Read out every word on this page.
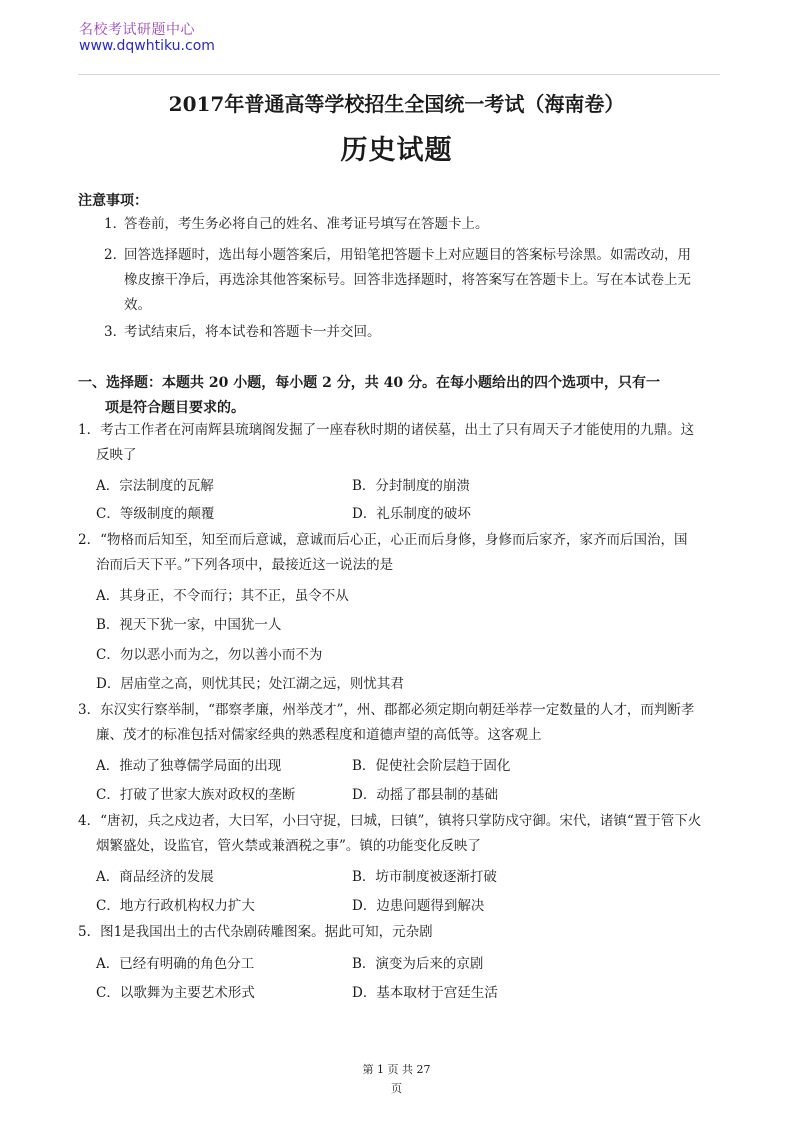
名校考试研题中心
www.dqwhtiku.com
2017年普通高等学校招生全国统一考试（海南卷）
历史试题
注意事项：
1．答卷前，考生务必将自己的姓名、准考证号填写在答题卡上。
2．回答选择题时，选出每小题答案后，用铅笔把答题卡上对应题目的答案标号涂黑。如需改动，用
橡皮擦干净后，再选涂其他答案标号。回答非选择题时，将答案写在答题卡上。写在本试卷上无
效。
3．考试结束后，将本试卷和答题卡一并交回。
一、选择题：本题共 20 小题，每小题 2 分，共 40 分。在每小题给出的四个选项中，只有一
项是符合题目要求的。
1．考古工作者在河南辉县琉璃阁发掘了一座春秋时期的诸侯墓，出土了只有周天子才能使用的九鼎。这
反映了
A．宗法制度的瓦解	B．分封制度的崩溃
C．等级制度的颠覆	D．礼乐制度的破坏
2．“物格而后知至，知至而后意诚，意诚而后心正，心正而后身修，身修而后家齐，家齐而后国治，国
治而后天下平。”下列各项中，最接近这一说法的是
A．其身正，不令而行；其不正，虽令不从
B．视天下犹一家，中国犹一人
C．勿以恶小而为之，勿以善小而不为
D．居庙堂之高，则忧其民；处江湖之远，则忧其君
3．东汉实行察举制，“郡察孝廉，州举茂才”，州、郡都必须定期向朝廷举荐一定数量的人才，而判断孝
廉、茂才的标准包括对儒家经典的熟悉程度和道德声望的高低等。这客观上
A．推动了独尊儒学局面的出现	B．促使社会阶层趋于固化
C．打破了世家大族对政权的垄断	D．动摇了郡县制的基础
4．“唐初，兵之戍边者，大曰军，小曰守捉，曰城，曰镇”，镇将只掌防戍守御。宋代，诸镇“置于管下火
烟繁盛处，设监官，管火禁或兼酒税之事”。镇的功能变化反映了
A．商品经济的发展	B．坊市制度被逐渐打破
C．地方行政机构权力扩大	D．边患问题得到解决
5．图1是我国出土的古代杂剧砖雕图案。据此可知，元杂剧
A．已经有明确的角色分工	B．演变为后来的京剧
C．以歌舞为主要艺术形式	D．基本取材于宫廷生活
第 1 页 共 27
页
